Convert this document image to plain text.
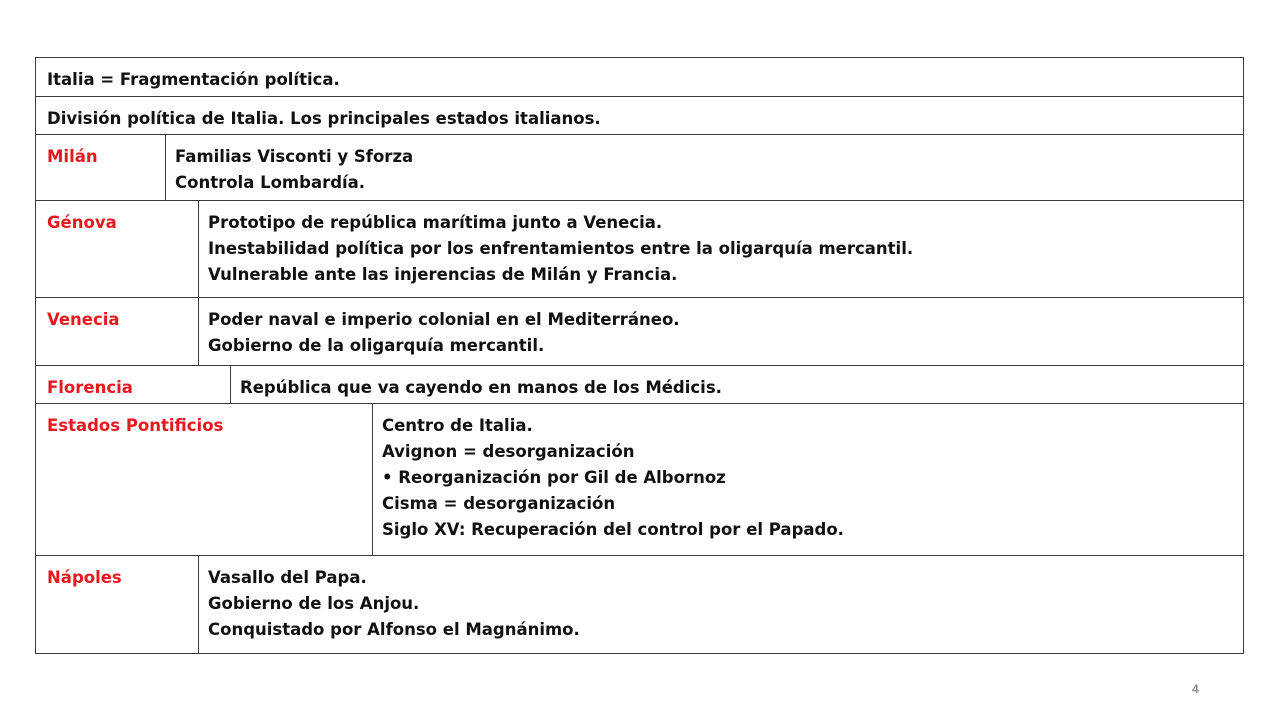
Italia = Fragmentación política.
División política de Italia. Los principales estados italianos.
Milán	Familias Visconti y Sforza
Controla Lombardía.
Génova	Prototipo de república marítima junto a Venecia.
Inestabilidad política por los enfrentamientos entre la oligarquía mercantil.
Vulnerable ante las injerencias de Milán y Francia.
Venecia	Poder naval e imperio colonial en el Mediterráneo.
Gobierno de la oligarquía mercantil.
Florencia	República que va cayendo en manos de los Médicis.
Estados Pontificios	Centro de Italia.
Avignon = desorganización
• Reorganización por Gil de Albornoz
Cisma = desorganización
Siglo XV: Recuperación del control por el Papado.
Nápoles	Vasallo del Papa.
Gobierno de los Anjou.
Conquistado por Alfonso el Magnánimo.
4
